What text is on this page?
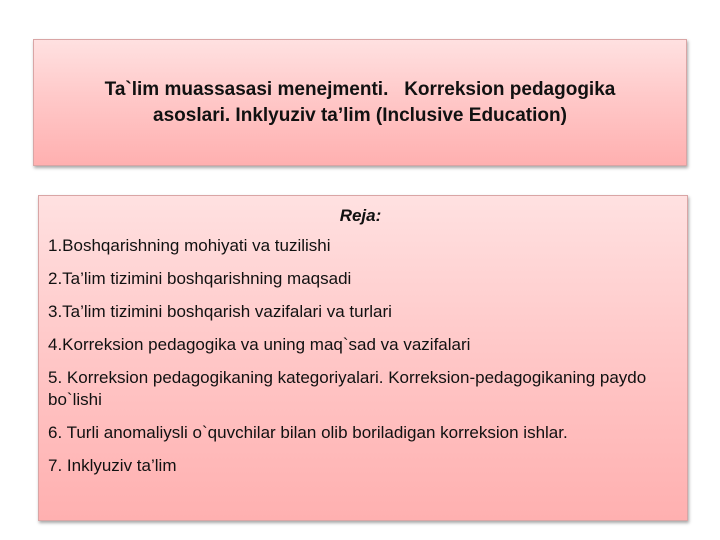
Ta`lim muassasasi menejmenti.   Korreksion pedagogika asoslari. Inklyuziv ta’lim (Inclusive Education)

Reja:
1.Boshqarishning mohiyati va tuzilishi
2.Ta’lim tizimini boshqarishning maqsadi
3.Ta’lim tizimini boshqarish vazifalari va turlari
4.Korreksion pedagogika va uning maq`sad va vazifalari
5. Korreksion pedagogikaning kategoriyalari. Korreksion-pedagogikaning paydo bo`lishi
6. Turli anomaliysli o`quvchilar bilan olib boriladigan korreksion ishlar.
7. Inklyuziv ta’lim
